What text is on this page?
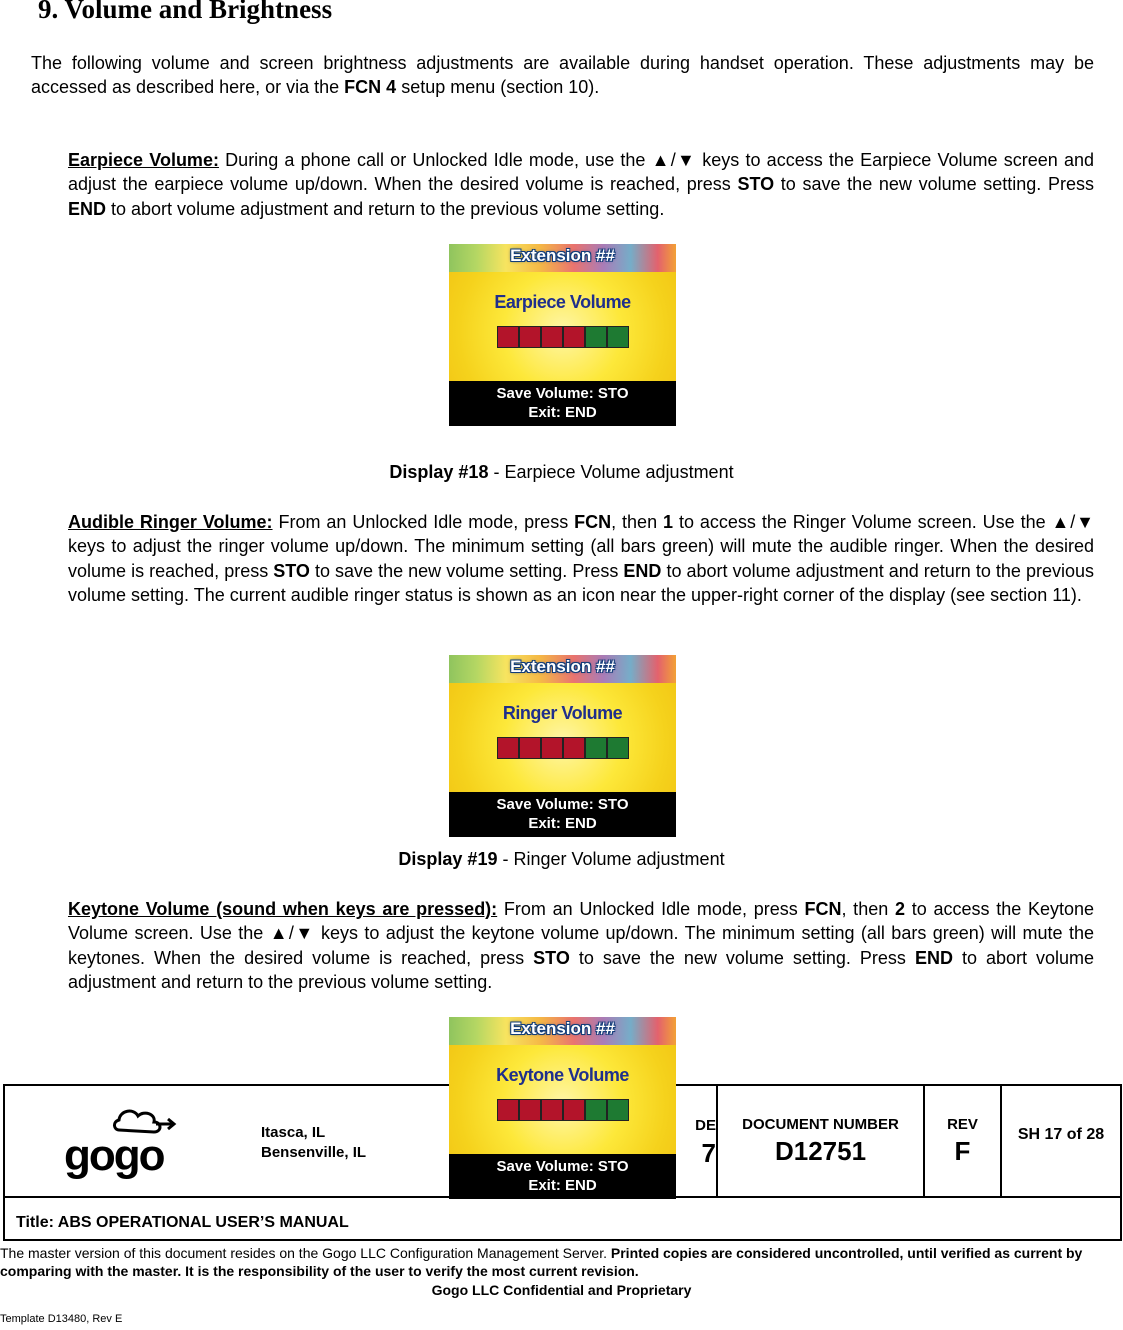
9. Volume and Brightness

The following volume and screen brightness adjustments are available during handset operation. These adjustments may be accessed as described here, or via the FCN 4 setup menu (section 10).

Earpiece Volume: During a phone call or Unlocked Idle mode, use the ▲/▼ keys to access the Earpiece Volume screen and adjust the earpiece volume up/down. When the desired volume is reached, press STO to save the new volume setting. Press END to abort volume adjustment and return to the previous volume setting.

Extension ##
Earpiece Volume
Save Volume: STO
Exit: END
Display #18 - Earpiece Volume adjustment

Audible Ringer Volume: From an Unlocked Idle mode, press FCN, then 1 to access the Ringer Volume screen. Use the ▲/▼ keys to adjust the ringer volume up/down. The minimum setting (all bars green) will mute the audible ringer. When the desired volume is reached, press STO to save the new volume setting. Press END to abort volume adjustment and return to the previous volume setting. The current audible ringer status is shown as an icon near the upper-right corner of the display (see section 11).

Extension ##
Ringer Volume
Save Volume: STO
Exit: END
Display #19 - Ringer Volume adjustment

Keytone Volume (sound when keys are pressed): From an Unlocked Idle mode, press FCN, then 2 to access the Keytone Volume screen. Use the ▲/▼ keys to adjust the keytone volume up/down. The minimum setting (all bars green) will mute the keytones. When the desired volume is reached, press STO to save the new volume setting. Press END to abort volume adjustment and return to the previous volume setting.

gogo	Itasca, IL
Bensenville, IL
DE
7
DOCUMENT NUMBER
D12751
REV
F
SH 17 of 28
Title: ABS OPERATIONAL USER’S MANUAL
Extension ##
Keytone Volume
Save Volume: STO
Exit: END
The master version of this document resides on the Gogo LLC Configuration Management Server. Printed copies are considered uncontrolled, until verified as current by comparing with the master. It is the responsibility of the user to verify the most current revision.
Gogo LLC Confidential and Proprietary
Template D13480, Rev E
